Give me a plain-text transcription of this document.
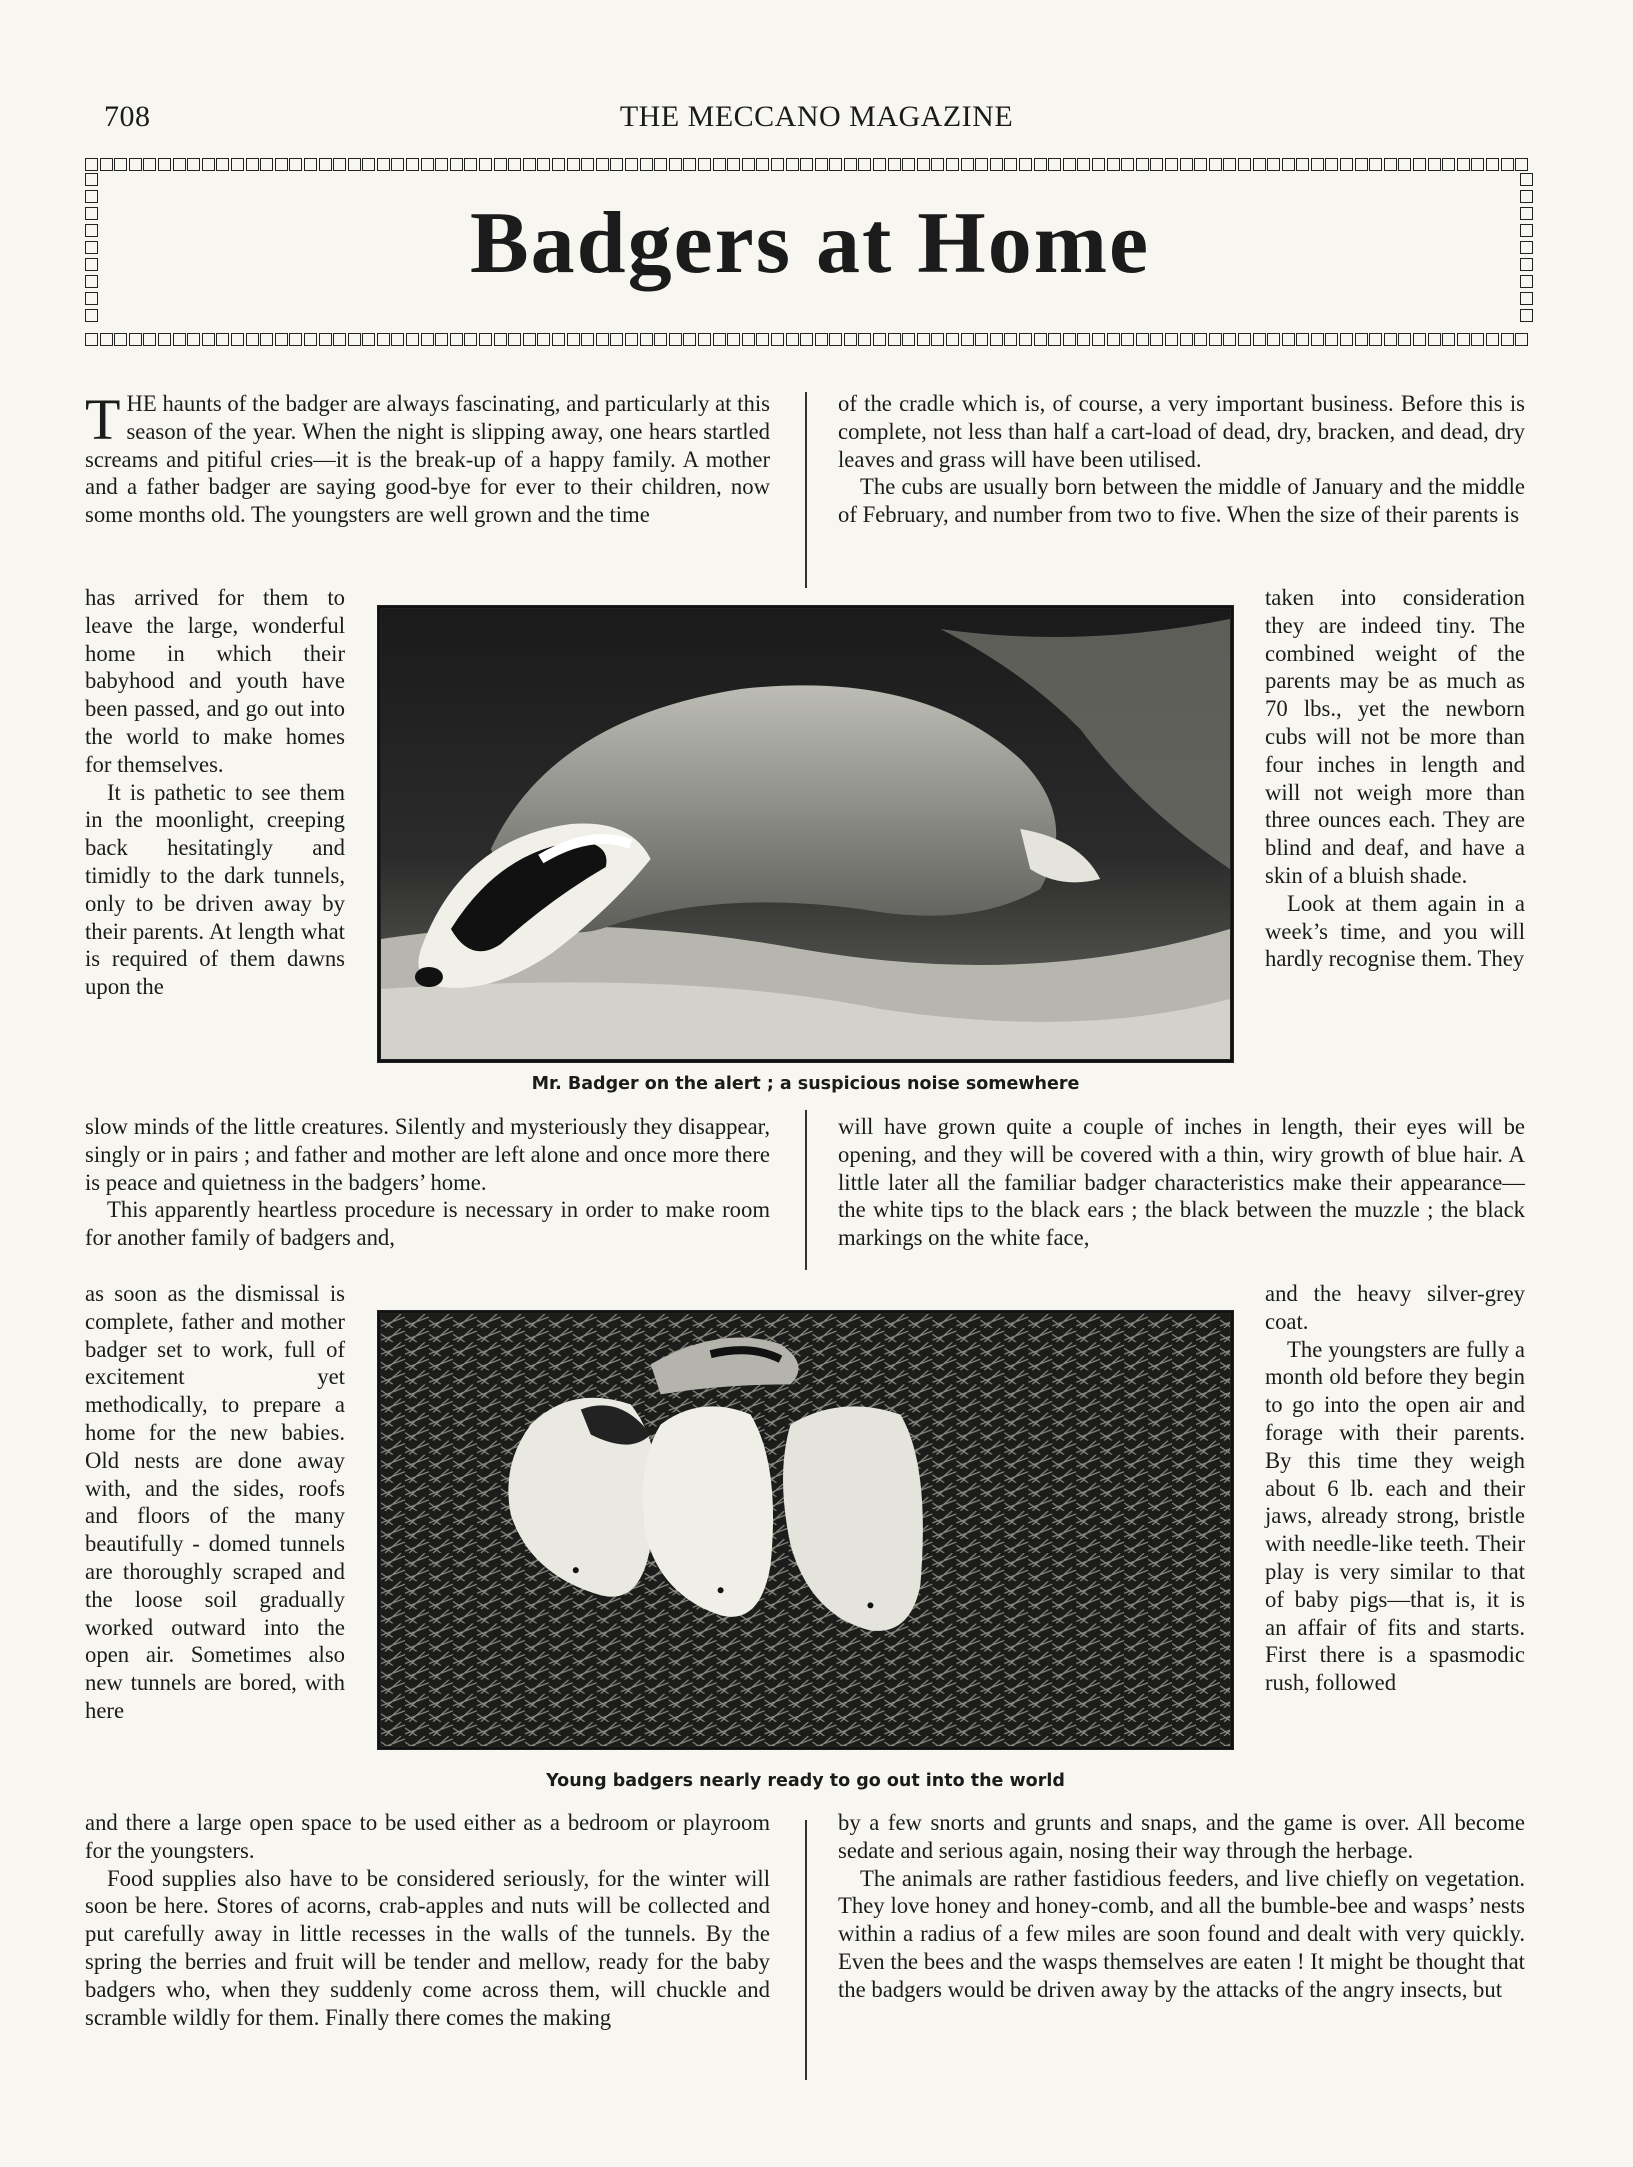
708	THE MECCANO MAGAZINE
Badgers at Home

THE haunts of the badger are always fascinating, and particularly at this season of the year. When the night is slipping away, one hears startled screams and pitiful cries—it is the break-up of a happy family. A mother and a father badger are saying good-bye for ever to their children, now some months old. The youngsters are well grown and the time

has arrived for them to leave the large, wonderful home in which their babyhood and youth have been passed, and go out into the world to make homes for themselves.

It is pathetic to see them in the moonlight, creeping back hesitatingly and timidly to the dark tunnels, only to be driven away by their parents. At length what is required of them dawns upon the

slow minds of the little creatures. Silently and mysteriously they disappear, singly or in pairs ; and father and mother are left alone and once more there is peace and quietness in the badgers’ home.

This apparently heartless procedure is necessary in order to make room for another family of badgers and,

as soon as the dismissal is complete, father and mother badger set to work, full of excitement yet methodically, to prepare a home for the new babies. Old nests are done away with, and the sides, roofs and floors of the many beautifully - domed tunnels are thoroughly scraped and the loose soil gradually worked outward into the open air. Sometimes also new tunnels are bored, with here

and there a large open space to be used either as a bedroom or playroom for the youngsters.

Food supplies also have to be considered seriously, for the winter will soon be here. Stores of acorns, crab-apples and nuts will be collected and put carefully away in little recesses in the walls of the tunnels. By the spring the berries and fruit will be tender and mellow, ready for the baby badgers who, when they suddenly come across them, will chuckle and scramble wildly for them. Finally there comes the making

of the cradle which is, of course, a very important business. Before this is complete, not less than half a cart-load of dead, dry, bracken, and dead, dry leaves and grass will have been utilised.

The cubs are usually born between the middle of January and the middle of February, and number from two to five. When the size of their parents is

taken into consideration they are indeed tiny. The combined weight of the parents may be as much as 70 lbs., yet the newborn cubs will not be more than four inches in length and will not weigh more than three ounces each. They are blind and deaf, and have a skin of a bluish shade.

Look at them again in a week’s time, and you will hardly recognise them. They

will have grown quite a couple of inches in length, their eyes will be opening, and they will be covered with a thin, wiry growth of blue hair. A little later all the familiar badger characteristics make their appearance—the white tips to the black ears ; the black between the muzzle ; the black markings on the white face,

and the heavy silver-grey coat.

The youngsters are fully a month old before they begin to go into the open air and forage with their parents. By this time they weigh about 6 lb. each and their jaws, already strong, bristle with needle-like teeth. Their play is very similar to that of baby pigs—that is, it is an affair of fits and starts. First there is a spasmodic rush, followed

by a few snorts and grunts and snaps, and the game is over. All become sedate and serious again, nosing their way through the herbage.

The animals are rather fastidious feeders, and live chiefly on vegetation. They love honey and honey-comb, and all the bumble-bee and wasps’ nests within a radius of a few miles are soon found and dealt with very quickly. Even the bees and the wasps themselves are eaten ! It might be thought that the badgers would be driven away by the attacks of the angry insects, but

Mr. Badger on the alert ; a suspicious noise somewhere
Young badgers nearly ready to go out into the world
